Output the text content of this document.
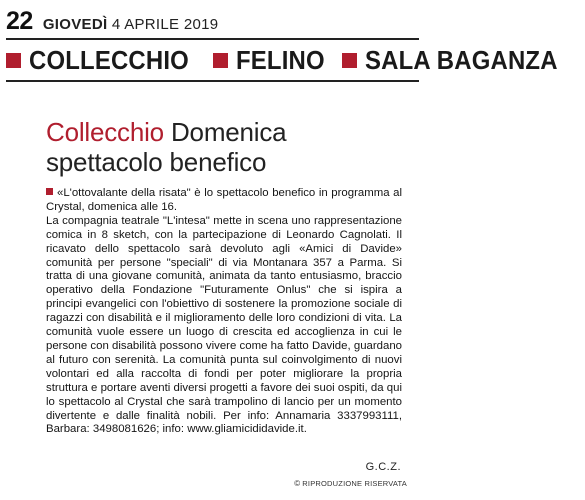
22 GIOVEDÌ 4 APRILE 2019
COLLECCHIO FELINO SALA BAGANZA
Collecchio Domenica
spettacolo benefico

«L'ottovalante della risata" è lo spettacolo benefico in programma al Crystal, domenica alle 16.

La compagnia teatrale "L'intesa" mette in scena uno rappresentazione comica in 8 sketch, con la partecipazione di Leonardo Cagnolati. Il ricavato dello spettacolo sarà devoluto agli «Amici di Davide» comunità per persone "speciali" di via Montanara 357 a Parma. Si tratta di una giovane comunità, animata da tanto entusiasmo, braccio operativo della Fondazione "Futuramente Onlus" che si ispira a principi evangelici con l'obiettivo di sostenere la promozione sociale di ragazzi con disabilità e il miglioramento delle loro condizioni di vita. La comunità vuole essere un luogo di crescita ed accoglienza in cui le persone con disabilità possono vivere come ha fatto Davide, guardano al futuro con serenità. La comunità punta sul coinvolgimento di nuovi volontari ed alla raccolta di fondi per poter migliorare la propria struttura e portare aventi diversi progetti a favore dei suoi ospiti, da qui lo spettacolo al Crystal che sarà trampolino di lancio per un momento divertente e dalle finalità nobili. Per info: Annamaria 3337993111, Barbara: 3498081626; info: www.gliamicididavide.it.

G.C.Z.
© RIPRODUZIONE RISERVATA
